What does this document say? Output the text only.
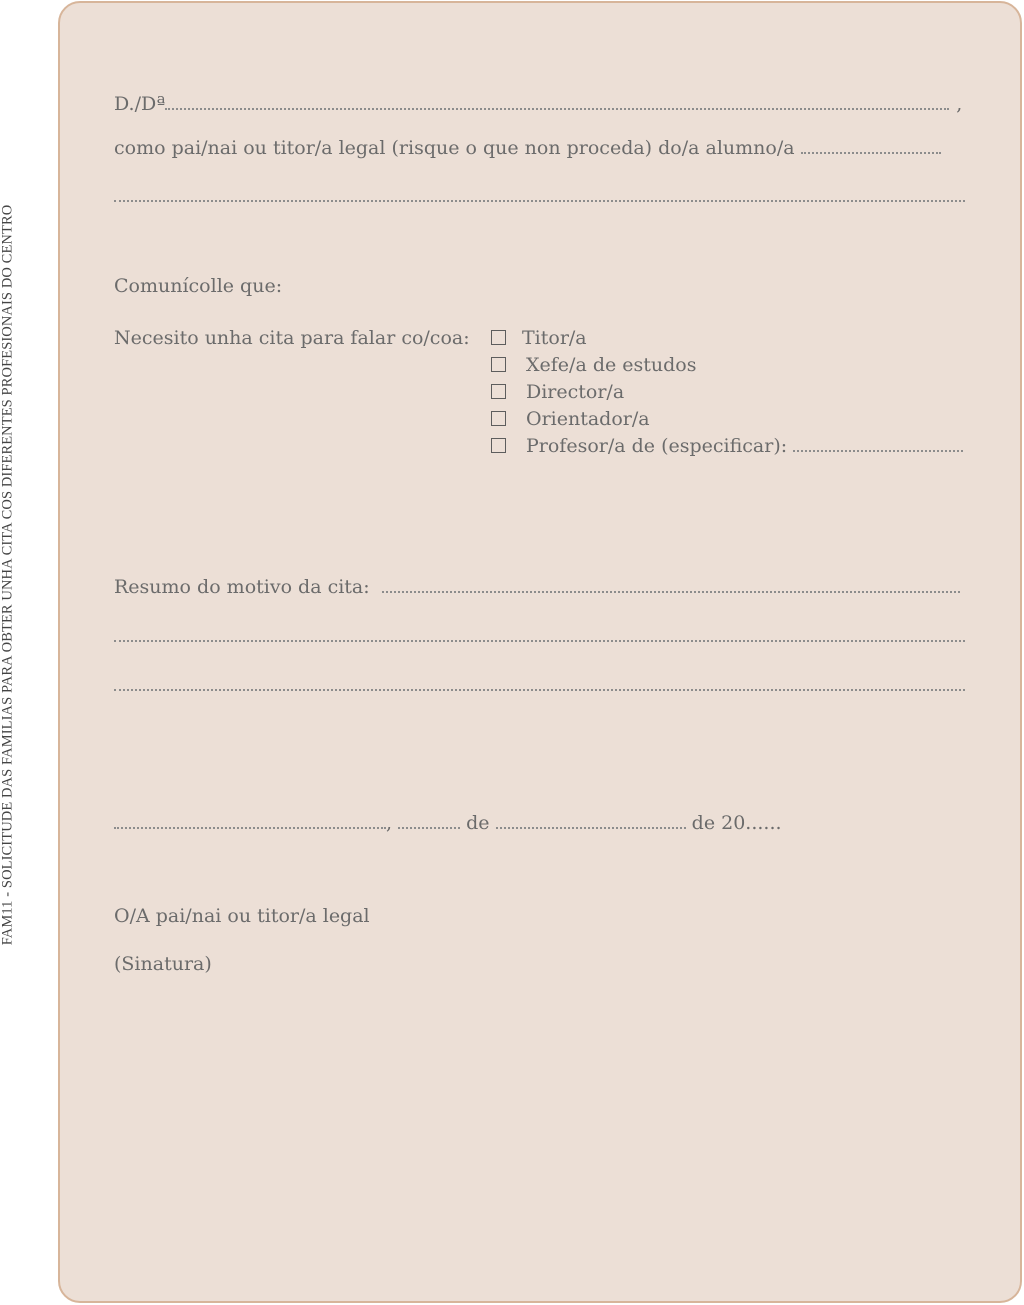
FAM11 - SOLICITUDE DAS FAMILIAS PARA OBTER UNHA CITA COS DIFERENTES PROFESIONAIS DO CENTRO
D./Dª	,
como pai/nai ou titor/a legal (risque o que non proceda) do/a alumno/a
Comunícolle que:
Necesito unha cita para falar co/coa:	Titor/a
Xefe/a de estudos
Director/a
Orientador/a
Profesor/a de (especificar):
Resumo do motivo da cita:
,	de	de 20......
O/A pai/nai ou titor/a legal
(Sinatura)
